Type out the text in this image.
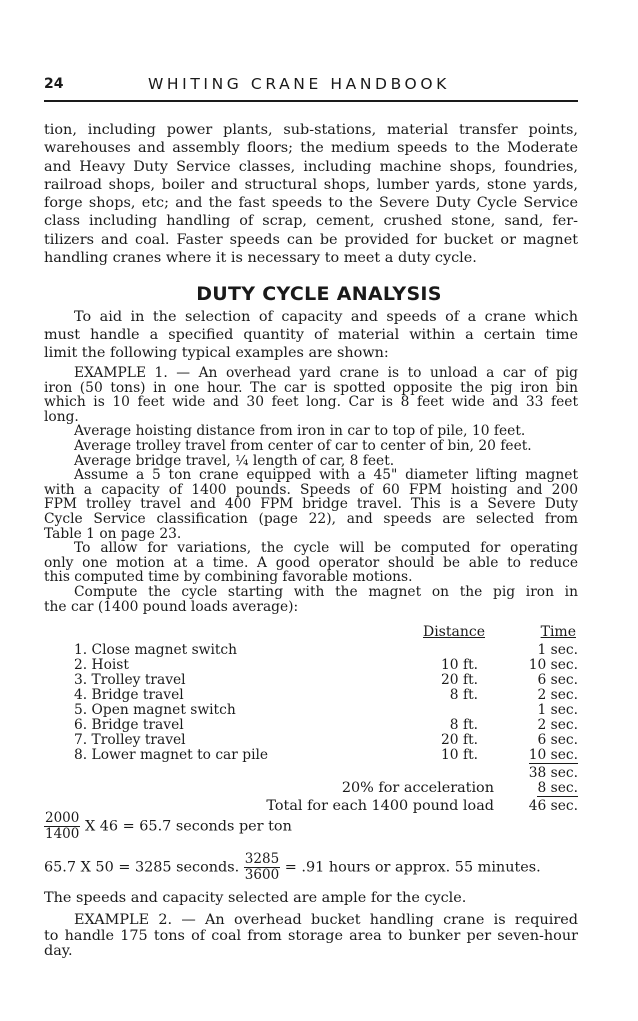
24	WHITING CRANE HANDBOOK
tion, including power plants, sub-stations, material transfer points,
warehouses and assembly floors; the medium speeds to the Moderate
and Heavy Duty Service classes, including machine shops, foundries,
railroad shops, boiler and structural shops, lumber yards, stone yards,
forge shops, etc; and the fast speeds to the Severe Duty Cycle Service
class including handling of scrap, cement, crushed stone, sand, fer-
tilizers and coal. Faster speeds can be provided for bucket or magnet
handling cranes where it is necessary to meet a duty cycle.
DUTY CYCLE ANALYSIS
To aid in the selection of capacity and speeds of a crane which
must handle a specified quantity of material within a certain time
limit the following typical examples are shown:
EXAMPLE 1. — An overhead yard crane is to unload a car of pig
iron (50 tons) in one hour. The car is spotted opposite the pig iron bin
which is 10 feet wide and 30 feet long. Car is 8 feet wide and 33 feet
long.
Average hoisting distance from iron in car to top of pile, 10 feet.
Average trolley travel from center of car to center of bin, 20 feet.
Average bridge travel, ¼ length of car, 8 feet.
Assume a 5 ton crane equipped with a 45" diameter lifting magnet
with a capacity of 1400 pounds. Speeds of 60 FPM hoisting and 200
FPM trolley travel and 400 FPM bridge travel. This is a Severe Duty
Cycle Service classification (page 22), and speeds are selected from
Table 1 on page 23.
To allow for variations, the cycle will be computed for operating
only one motion at a time. A good operator should be able to reduce
this computed time by combining favorable motions.
Compute the cycle starting with the magnet on the pig iron in
the car (1400 pound loads average):
Distance	Time
1. Close magnet switch	1 sec.
2. Hoist	10 ft.	10 sec.
3. Trolley travel	20 ft.	6 sec.
4. Bridge travel	8 ft.	2 sec.
5. Open magnet switch	1 sec.
6. Bridge travel	8 ft.	2 sec.
7. Trolley travel	20 ft.	6 sec.
8. Lower magnet to car pile	10 ft.	10 sec.
38 sec.
20% for acceleration	8 sec.
Total for each 1400 pound load	46 sec.
$\frac{2000}{1400}$ X 46 = 65.7 seconds per ton
65.7 X 50 = 3285 seconds. $\frac{3285}{3600} = .91$ hours or approx. 55 minutes.
The speeds and capacity selected are ample for the cycle.
EXAMPLE 2. — An overhead bucket handling crane is required
to handle 175 tons of coal from storage area to bunker per seven-hour
day.
